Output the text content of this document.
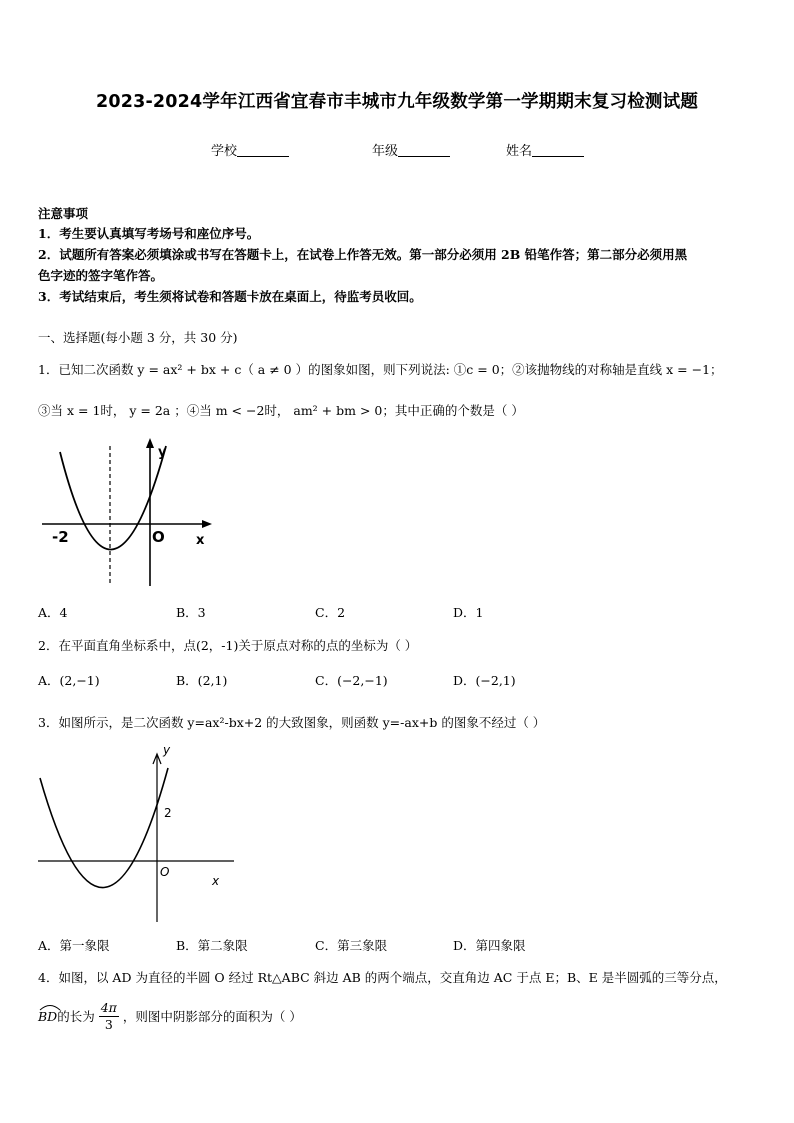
2023-2024学年江西省宜春市丰城市九年级数学第一学期期末复习检测试题
学校	年级	姓名
注意事项
1．考生要认真填写考场号和座位序号。
2．试题所有答案必须填涂或书写在答题卡上，在试卷上作答无效。第一部分必须用 2B 铅笔作答；第二部分必须用黑
色字迹的签字笔作答。
3．考试结束后，考生须将试卷和答题卡放在桌面上，待监考员收回。
一、选择题(每小题 3 分，共 30 分)
1．已知二次函数 y = ax² + bx + c（ a ≠ 0 ）的图象如图，则下列说法: ①c = 0；②该抛物线的对称轴是直线 x = −1；
③当 x = 1时， y = 2a ；④当 m < −2时， am² + bm > 0；其中正确的个数是（ ）
y
x
O
-2
A．4	B．3	C．2	D．1
2．在平面直角坐标系中，点(2，-1)关于原点对称的点的坐标为（ ）
A．(2,−1)	B．(2,1)	C．(−2,−1)	D．(−2,1)
3．如图所示，是二次函数 y=ax²-bx+2 的大致图象，则函数 y=-ax+b 的图象不经过（ ）
y
x
O
2
A．第一象限	B．第二象限	C．第三象限	D．第四象限
4．如图，以 AD 为直径的半圆 O 经过 Rt△ABC 斜边 AB 的两个端点，交直角边 AC 于点 E；B、E 是半圆弧的三等分点，
BD 的长为
4π
3 ，则图中阴影部分的面积为（ ）
